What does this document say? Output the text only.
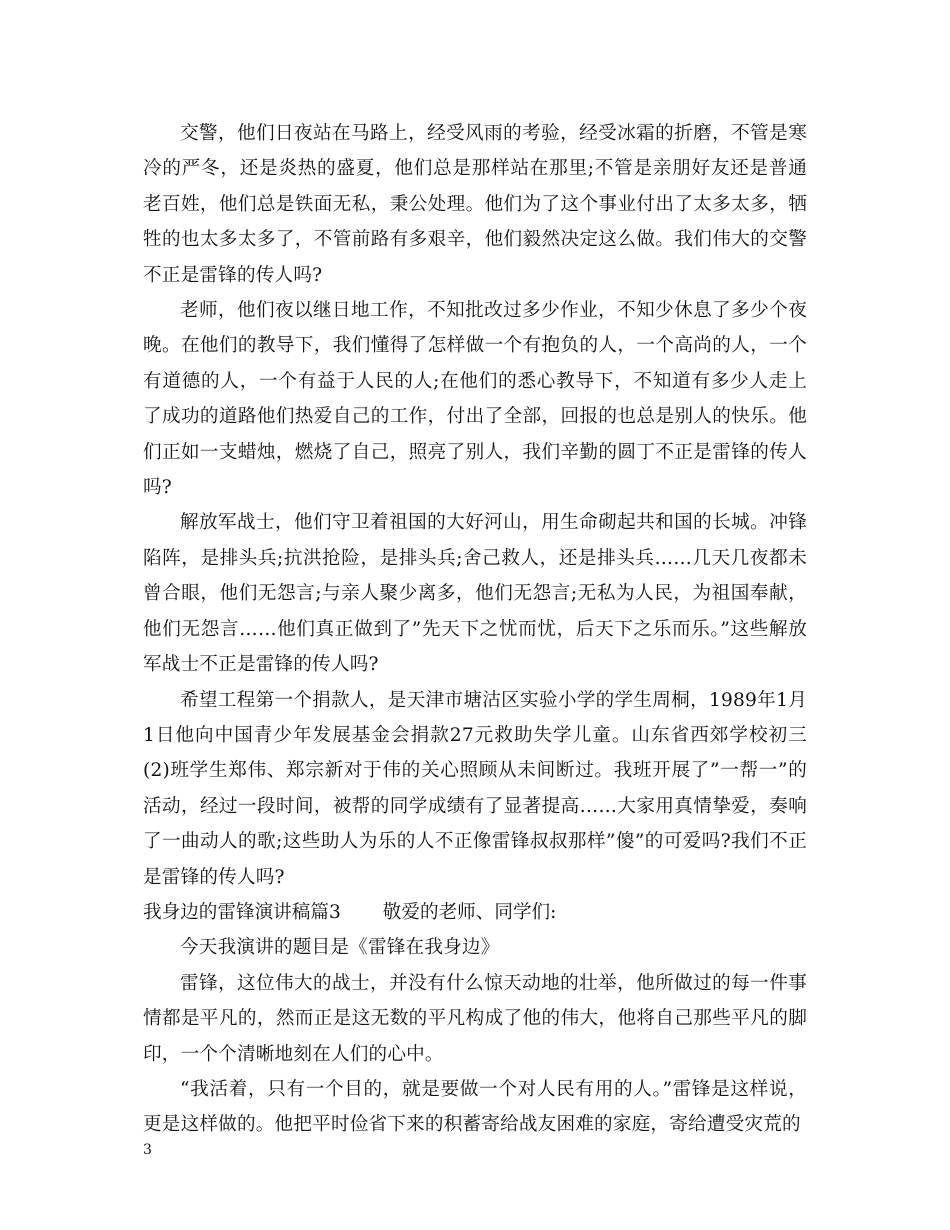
交警，他们日夜站在马路上，经受风雨的考验，经受冰霜的折磨，不管是寒冷的严冬，还是炎热的盛夏，他们总是那样站在那里;不管是亲朋好友还是普通老百姓，他们总是铁面无私，秉公处理。他们为了这个事业付出了太多太多，牺牲的也太多太多了，不管前路有多艰辛，他们毅然决定这么做。我们伟大的交警不正是雷锋的传人吗?

老师，他们夜以继日地工作，不知批改过多少作业，不知少休息了多少个夜晚。在他们的教导下，我们懂得了怎样做一个有抱负的人，一个高尚的人，一个有道德的人，一个有益于人民的人;在他们的悉心教导下，不知道有多少人走上了成功的道路他们热爱自己的工作，付出了全部，回报的也总是别人的快乐。他们正如一支蜡烛，燃烧了自己，照亮了别人，我们辛勤的圆丁不正是雷锋的传人吗?

解放军战士，他们守卫着祖国的大好河山，用生命砌起共和国的长城。冲锋陷阵，是排头兵;抗洪抢险，是排头兵;舍己救人，还是排头兵……几天几夜都未曾合眼，他们无怨言;与亲人聚少离多，他们无怨言;无私为人民，为祖国奉献，他们无怨言……他们真正做到了”先天下之忧而忧，后天下之乐而乐。”这些解放军战士不正是雷锋的传人吗?

希望工程第一个捐款人，是天津市塘沽区实验小学的学生周桐，1989年1月1日他向中国青少年发展基金会捐款27元救助失学儿童。山东省西郊学校初三(2)班学生郑伟、郑宗新对于伟的关心照顾从未间断过。我班开展了”一帮一”的活动，经过一段时间，被帮的同学成绩有了显著提高……大家用真情挚爱，奏响了一曲动人的歌;这些助人为乐的人不正像雷锋叔叔那样”傻”的可爱吗?我们不正是雷锋的传人吗?

我身边的雷锋演讲稿篇3 敬爱的老师、同学们:

今天我演讲的题目是《雷锋在我身边》

雷锋，这位伟大的战士，并没有什么惊天动地的壮举，他所做过的每一件事情都是平凡的，然而正是这无数的平凡构成了他的伟大，他将自己那些平凡的脚印，一个个清晰地刻在人们的心中。

“我活着，只有一个目的，就是要做一个对人民有用的人。”雷锋是这样说，更是这样做的。他把平时俭省下来的积蓄寄给战友困难的家庭，寄给遭受灾荒的

3
